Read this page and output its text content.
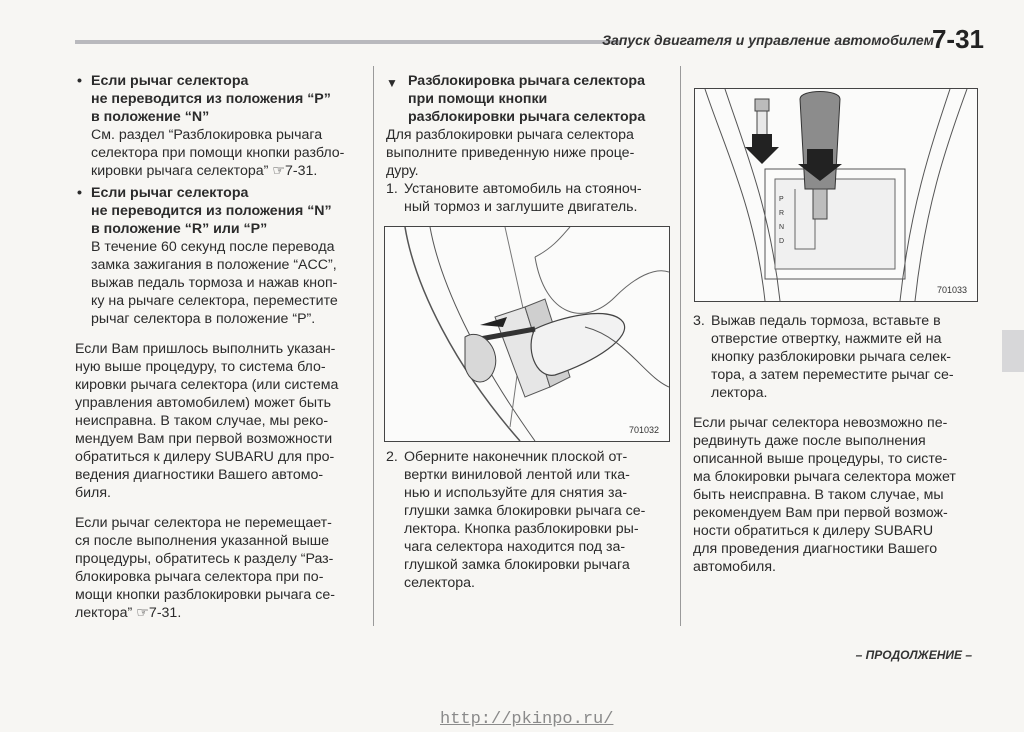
Запуск двигателя и управление автомобилем
7-31
• Если рычаг селектора
не переводится из положения “P”
в положение “N”

См. раздел “Разблокировка рычага
селектора при помощи кнопки разбло-
кировки рычага селектора” ☞7-31.

• Если рычаг селектора
не переводится из положения “N”
в положение “R” или “P”

В течение 60 секунд после перевода
замка зажигания в положение “ACC”,
выжав педаль тормоза и нажав кноп-
ку на рычаге селектора, переместите
рычаг селектора в положение “P”.

Если Вам пришлось выполнить указан-
ную выше процедуру, то система бло-
кировки рычага селектора (или система
управления автомобилем) может быть
неисправна. В таком случае, мы реко-
мендуем Вам при первой возможности
обратиться к дилеру SUBARU для про-
ведения диагностики Вашего автомо-
биля.

Если рычаг селектора не перемещает-
ся после выполнения указанной выше
процедуры, обратитесь к разделу “Раз-
блокировка рычага селектора при по-
мощи кнопки разблокировки рычага се-
лектора” ☞7-31.

▼ Разблокировка рычага селектора
при помощи кнопки
разблокировки рычага селектора

Для разблокировки рычага селектора
выполните приведенную ниже проце-
дуру.

1. Установите автомобиль на стояноч-
ный тормоз и заглушите двигатель.

701032
2. Оберните наконечник плоской от-
вертки виниловой лентой или тка-
нью и используйте для снятия за-
глушки замка блокировки рычага се-
лектора. Кнопка разблокировки ры-
чага селектора находится под за-
глушкой замка блокировки рычага
селектора.

P
R
N
D
701033
3. Выжав педаль тормоза, вставьте в
отверстие отвертку, нажмите ей на
кнопку разблокировки рычага селек-
тора, а затем переместите рычаг се-
лектора.

Если рычаг селектора невозможно пе-
редвинуть даже после выполнения
описанной выше процедуры, то систе-
ма блокировки рычага селектора может
быть неисправна. В таком случае, мы
рекомендуем Вам при первой возмож-
ности обратиться к дилеру SUBARU
для проведения диагностики Вашего
автомобиля.

– ПРОДОЛЖЕНИЕ –
http://pkinpo.ru/
